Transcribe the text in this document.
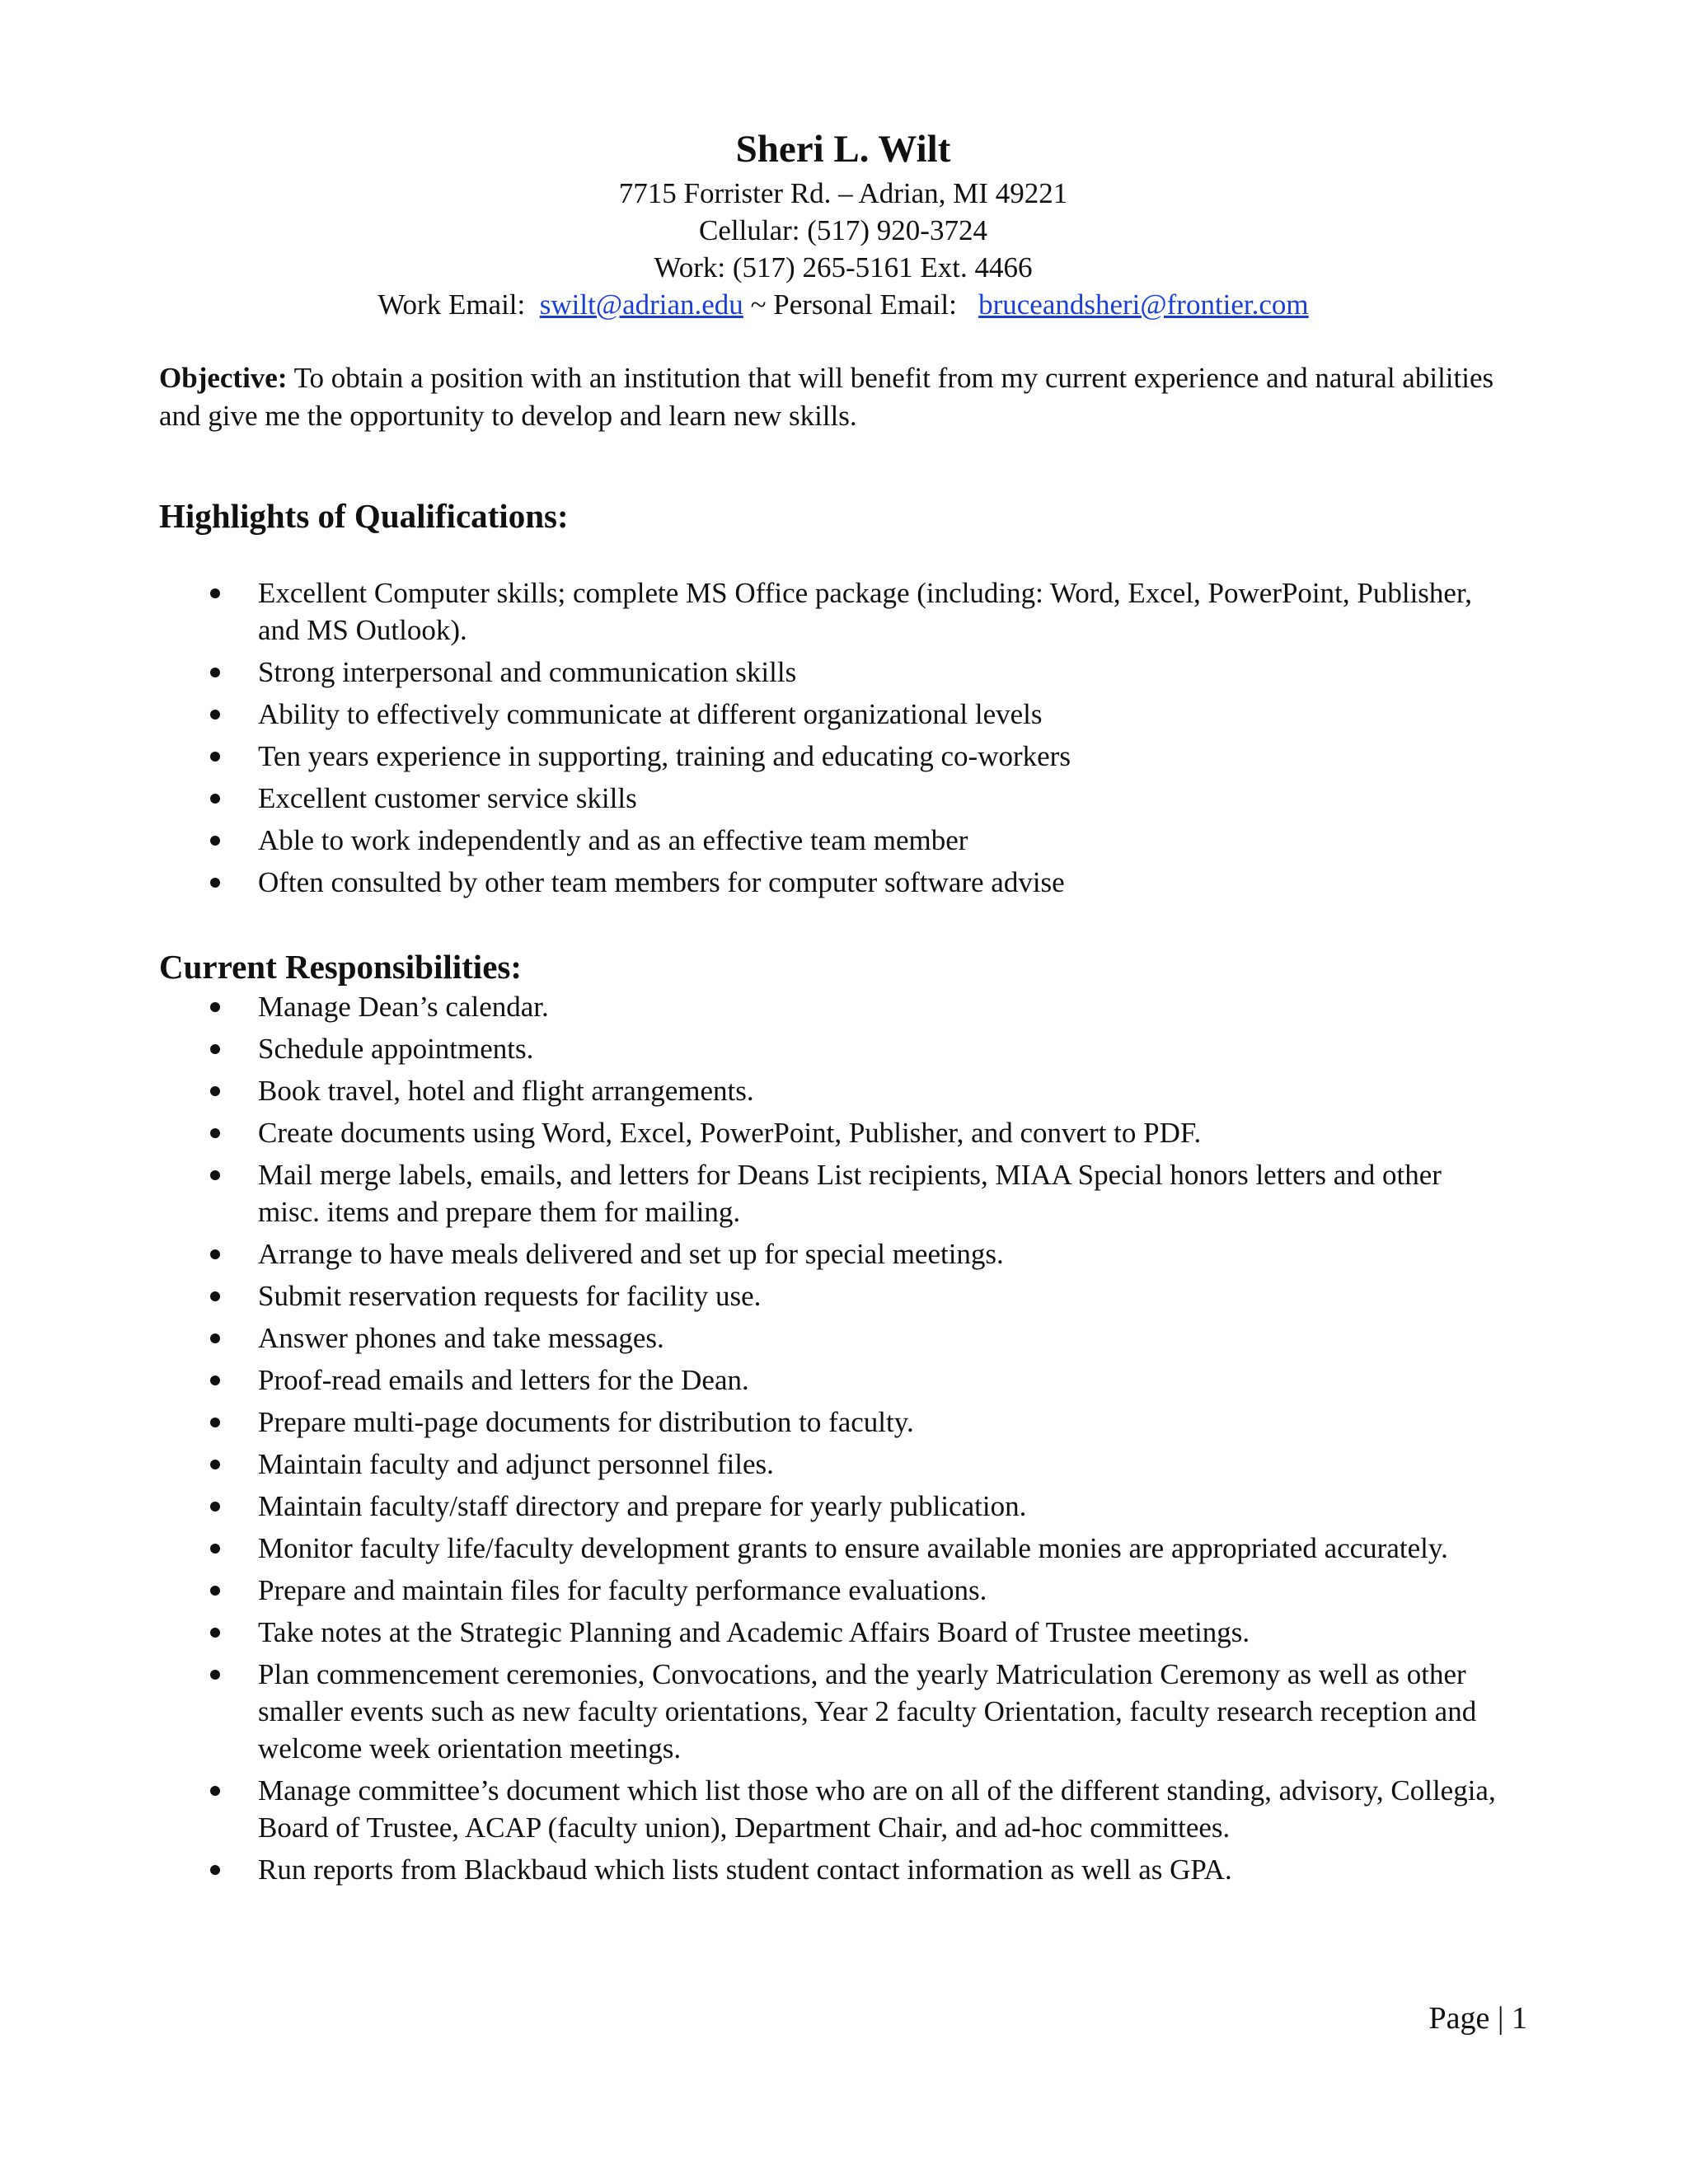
Sheri L. Wilt
7715 Forrister Rd. – Adrian, MI 49221
Cellular: (517) 920-3724
Work: (517) 265-5161 Ext. 4466
Work Email: swilt@adrian.edu ~ Personal Email: bruceandsheri@frontier.com
Objective: To obtain a position with an institution that will benefit from my current experience and natural abilities and give me the opportunity to develop and learn new skills.
Highlights of Qualifications:
Excellent Computer skills; complete MS Office package (including: Word, Excel, PowerPoint, Publisher, and MS Outlook).
Strong interpersonal and communication skills
Ability to effectively communicate at different organizational levels
Ten years experience in supporting, training and educating co-workers
Excellent customer service skills
Able to work independently and as an effective team member
Often consulted by other team members for computer software advise
Current Responsibilities:
Manage Dean’s calendar.
Schedule appointments.
Book travel, hotel and flight arrangements.
Create documents using Word, Excel, PowerPoint, Publisher, and convert to PDF.
Mail merge labels, emails, and letters for Deans List recipients, MIAA Special honors letters and other misc. items and prepare them for mailing.
Arrange to have meals delivered and set up for special meetings.
Submit reservation requests for facility use.
Answer phones and take messages.
Proof-read emails and letters for the Dean.
Prepare multi-page documents for distribution to faculty.
Maintain faculty and adjunct personnel files.
Maintain faculty/staff directory and prepare for yearly publication.
Monitor faculty life/faculty development grants to ensure available monies are appropriated accurately.
Prepare and maintain files for faculty performance evaluations.
Take notes at the Strategic Planning and Academic Affairs Board of Trustee meetings.
Plan commencement ceremonies, Convocations, and the yearly Matriculation Ceremony as well as other smaller events such as new faculty orientations, Year 2 faculty Orientation, faculty research reception and welcome week orientation meetings.
Manage committee’s document which list those who are on all of the different standing, advisory, Collegia, Board of Trustee, ACAP (faculty union), Department Chair, and ad-hoc committees.
Run reports from Blackbaud which lists student contact information as well as GPA.
Page | 1
